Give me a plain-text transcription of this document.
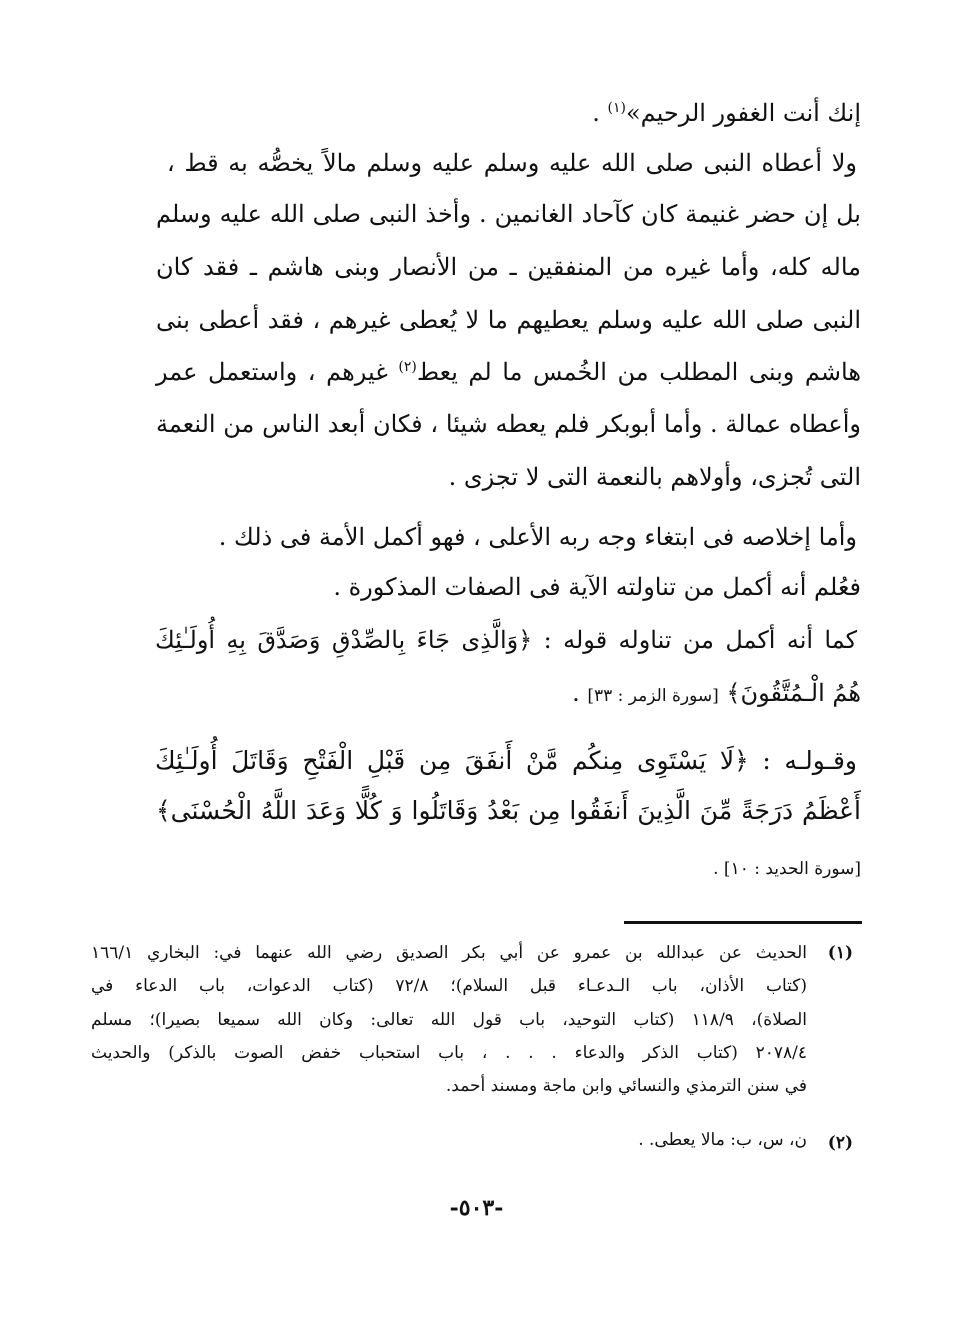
إنك أنت الغفور الرحيم»$^{(١)}$ .
ولا أعطاه النبى صلى الله عليه وسلم عليه وسلم مالاً يخصُّه به قط ،
بل إن حضر غنيمة كان كآحاد الغانمين . وأخذ النبى صلى الله عليه وسلم
ماله كله، وأما غيره من المنفقين ـ من الأنصار وبنى هاشم ـ فقد كان
النبى صلى الله عليه وسلم يعطيهم ما لا يُعطى غيرهم ، فقد أعطى بنى
هاشم وبنى المطلب من الخُمس ما لم يعط$^{(٢)}$ غيرهم ، واستعمل عمر
وأعطاه عمالة . وأما أبوبكر فلم يعطه شيئا ، فكان أبعد الناس من النعمة
التى تُجزى، وأولاهم بالنعمة التى لا تجزى .
وأما إخلاصه فى ابتغاء وجه ربه الأعلى ، فهو أكمل الأمة فى ذلك .
فعُلم أنه أكمل من تناولته الآية فى الصفات المذكورة .
كما أنه أكمل من تناوله قوله : ﴿وَالَّذِى جَاءَ بِالصِّدْقِ وَصَدَّقَ بِهِ أُولَـٰئِكَ
هُمُ الْـمُتَّقُونَ﴾ [سورة الزمر : ٣٣] .
وقـولـه : ﴿لَا يَسْتَوِى مِنكُم مَّنْ أَنفَقَ مِن قَبْلِ الْفَتْحِ وَقَاتَلَ أُولَـٰئِكَ
أَعْظَمُ دَرَجَةً مِّنَ الَّذِينَ أَنفَقُوا مِن بَعْدُ وَقَاتَلُوا وَ كُلًّا وَعَدَ اللَّهُ الْحُسْنَى﴾
[سورة الحديد : ١٠] .
(١)
الحديث عن عبدالله بن عمرو عن أبي بكر الصديق رضي الله عنهما في: البخاري ١٦٦/١
(كتاب الأذان، باب الـدعـاء قبل السلام)؛ ٧٢/٨ (كتاب الدعوات، باب الدعاء في
الصلاة)، ١١٨/٩ (كتاب التوحيد، باب قول الله تعالى: وكان الله سميعا بصيرا)؛ مسلم
٢٠٧٨/٤ (كتاب الذكر والدعاء . . . ، باب استحباب خفض الصوت بالذكر) والحديث
في سنن الترمذي والنسائي وابن ماجة ومسند أحمد.
(٢)
ن، س، ب: مالا يعطى. .
-٥٠٣-
